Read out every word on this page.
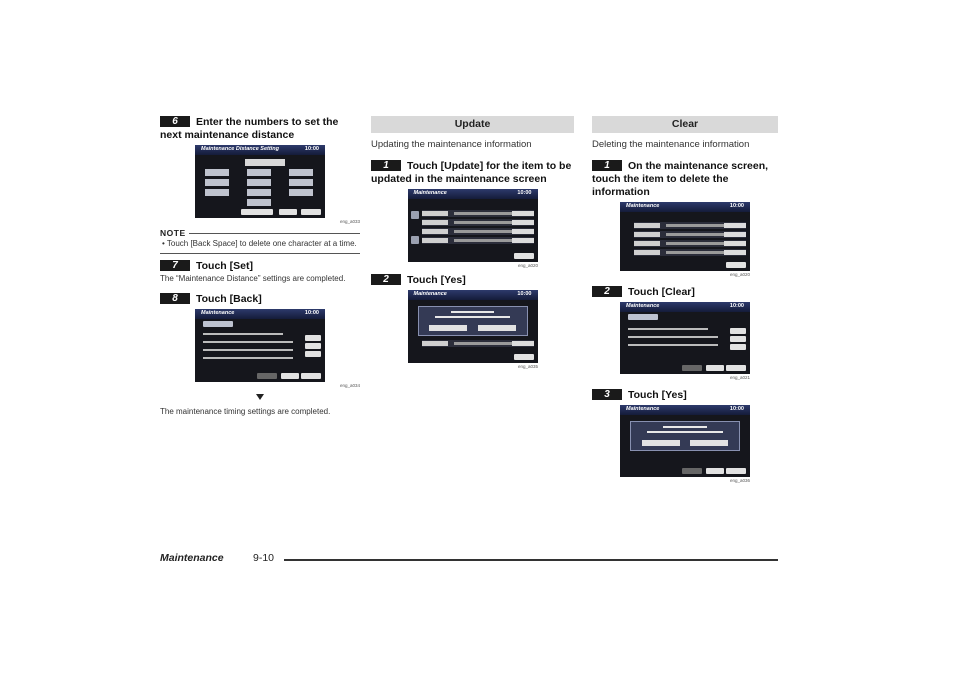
6 Enter the numbers to set the next maintenance distance
Maintenance Distance Setting	10:00
eng_a033
NOTE
• Touch [Back Space] to delete one character at a time.
7 Touch [Set]
The “Maintenance Distance” settings are completed.
8 Touch [Back]
Maintenance	10:00
eng_a034
The maintenance timing settings are completed.
Update
Updating the maintenance information
1 Touch [Update] for the item to be updated in the maintenance screen
Maintenance	10:00
eng_a020
2 Touch [Yes]
Maintenance	10:00
eng_a035
Clear
Deleting the maintenance information
1 On the maintenance screen, touch the item to delete the information
Maintenance	10:00
eng_a020
2 Touch [Clear]
Maintenance	10:00
eng_a021
3 Touch [Yes]
Maintenance	10:00
eng_a036
Maintenance	9-10
